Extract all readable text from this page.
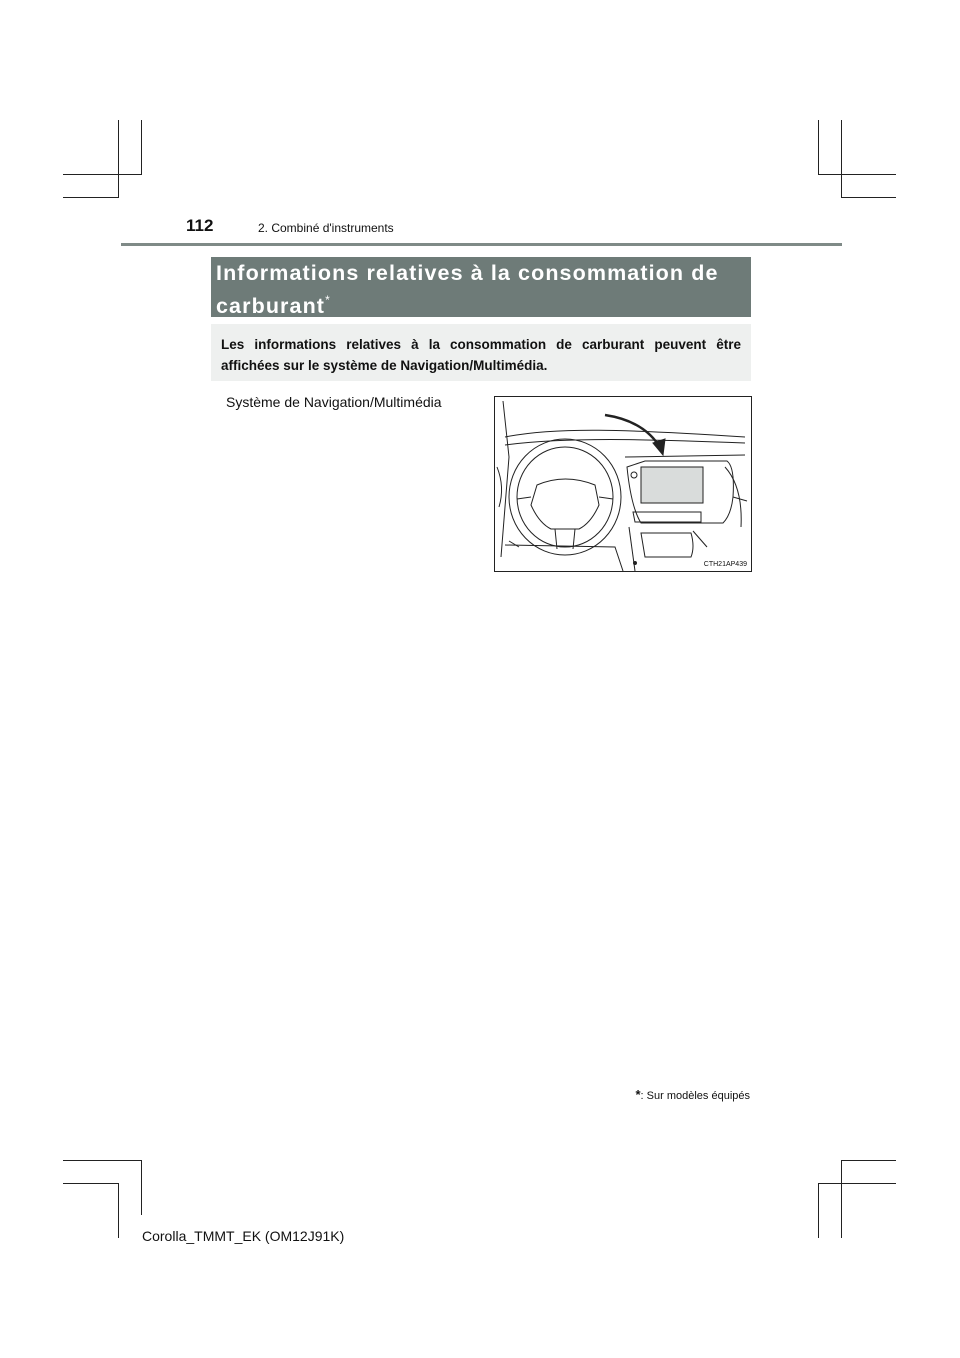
112	2. Combiné d'instruments
Informations relatives à la consommation de carburant*
Les informations relatives à la consommation de carburant peuvent être affichées sur le système de Navigation/Multimédia.
Système de Navigation/Multimédia
CTH21AP439
*: Sur modèles équipés
Corolla_TMMT_EK (OM12J91K)
